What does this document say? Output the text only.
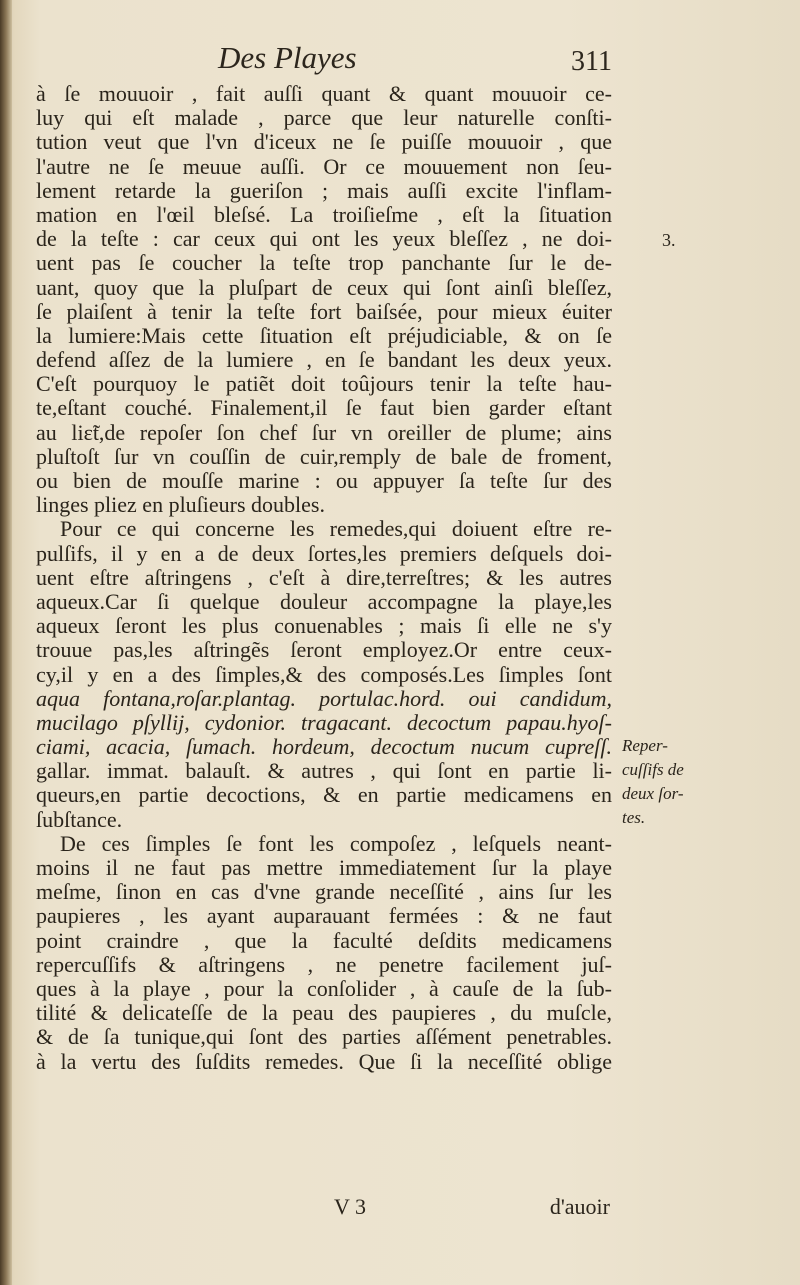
Des Playes	311
à ſe mouuoir , fait auſſi quant & quant mouuoir ce-
luy qui eſt malade , parce que leur naturelle conſti-
tution veut que l'vn d'iceux ne ſe puiſſe mouuoir , que
l'autre ne ſe meuue auſſi. Or ce mouuement non ſeu-
lement retarde la gueriſon ; mais auſſi excite l'inflam-
mation en l'œil bleſsé. La troiſieſme , eſt la ſituation
de la teſte : car ceux qui ont les yeux bleſſez , ne doi-
uent pas ſe coucher la teſte trop panchante ſur le de-
uant, quoy que la pluſpart de ceux qui ſont ainſi bleſſez,
ſe plaiſent à tenir la teſte fort baiſsée, pour mieux éuiter
la lumiere:Mais cette ſituation eſt préjudiciable, & on ſe
defend aſſez de la lumiere , en ſe bandant les deux yeux.
C'eſt pourquoy le patiẽt doit toûjours tenir la teſte hau-
te,eſtant couché. Finalement,il ſe faut bien garder eſtant
au liɛ̃t,de repoſer ſon chef ſur vn oreiller de plume; ains
pluſtoſt ſur vn couſſin de cuir,remply de bale de froment,
ou bien de mouſſe marine : ou appuyer ſa teſte ſur des
linges pliez en pluſieurs doubles.
Pour ce qui concerne les remedes,qui doiuent eſtre re-
pulſifs, il y en a de deux ſortes,les premiers deſquels doi-
uent eſtre aſtringens , c'eſt à dire,terreſtres; & les autres
aqueux.Car ſi quelque douleur accompagne la playe,les
aqueux ſeront les plus conuenables ; mais ſi elle ne s'y
trouue pas,les aſtringẽs ſeront employez.Or entre ceux-
cy,il y en a des ſimples,& des composés.Les ſimples ſont
aqua fontana,roſar.plantag. portulac.hord. oui candidum,
mucilago pſyllij, cydonior. tragacant. decoctum papau.hyoſ-
ciami, acacia, ſumach. hordeum, decoctum nucum cupreſſ.
gallar. immat. balauſt. & autres , qui ſont en partie li-
queurs,en partie decoctions, & en partie medicamens en
ſubſtance.
De ces ſimples ſe font les compoſez , leſquels neant-
moins il ne faut pas mettre immediatement ſur la playe
meſme, ſinon en cas d'vne grande neceſſité , ains ſur les
paupieres , les ayant auparauant fermées : & ne faut
point craindre , que la faculté deſdits medicamens
repercuſſifs & aſtringens , ne penetre facilement juſ-
ques à la playe , pour la conſolider , à cauſe de la ſub-
tilité & delicateſſe de la peau des paupieres , du muſcle,
& de ſa tunique,qui ſont des parties aſſément penetrables.
à la vertu des ſuſdits remedes. Que ſi la neceſſité oblige
3.
Reper-
cuſſifs de
deux ſor-
tes.
V 3	d'auoir
